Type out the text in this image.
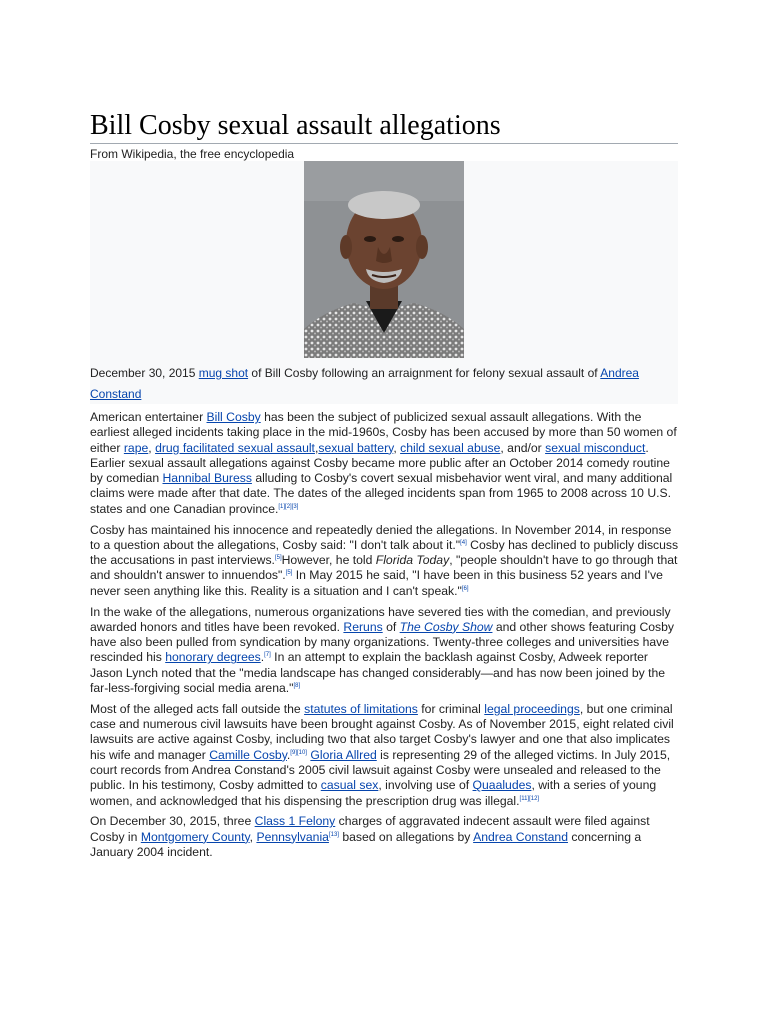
Bill Cosby sexual assault allegations

From Wikipedia, the free encyclopedia

December 30, 2015 mug shot of Bill Cosby following an arraignment for felony sexual assault of Andrea Constand

American entertainer Bill Cosby has been the subject of publicized sexual assault allegations. With the earliest alleged incidents taking place in the mid-1960s, Cosby has been accused by more than 50 women of either rape, drug facilitated sexual assault,sexual battery, child sexual abuse, and/or sexual misconduct. Earlier sexual assault allegations against Cosby became more public after an October 2014 comedy routine by comedian Hannibal Buress alluding to Cosby's covert sexual misbehavior went viral, and many additional claims were made after that date. The dates of the alleged incidents span from 1965 to 2008 across 10 U.S. states and one Canadian province.[1][2][3]

Cosby has maintained his innocence and repeatedly denied the allegations. In November 2014, in response to a question about the allegations, Cosby said: "I don't talk about it."[4] Cosby has declined to publicly discuss the accusations in past interviews.[5]However, he told Florida Today, "people shouldn't have to go through that and shouldn't answer to innuendos".[5] In May 2015 he said, "I have been in this business 52 years and I've never seen anything like this. Reality is a situation and I can't speak."[6]

In the wake of the allegations, numerous organizations have severed ties with the comedian, and previously awarded honors and titles have been revoked. Reruns of The Cosby Show and other shows featuring Cosby have also been pulled from syndication by many organizations. Twenty-three colleges and universities have rescinded his honorary degrees.[7] In an attempt to explain the backlash against Cosby, Adweek reporter Jason Lynch noted that the "media landscape has changed considerably—and has now been joined by the far-less-forgiving social media arena."[8]

Most of the alleged acts fall outside the statutes of limitations for criminal legal proceedings, but one criminal case and numerous civil lawsuits have been brought against Cosby. As of November 2015, eight related civil lawsuits are active against Cosby, including two that also target Cosby's lawyer and one that also implicates his wife and manager Camille Cosby.[9][10] Gloria Allred is representing 29 of the alleged victims. In July 2015, court records from Andrea Constand's 2005 civil lawsuit against Cosby were unsealed and released to the public. In his testimony, Cosby admitted to casual sex, involving use of Quaaludes, with a series of young women, and acknowledged that his dispensing the prescription drug was illegal.[11][12]

On December 30, 2015, three Class 1 Felony charges of aggravated indecent assault were filed against Cosby in Montgomery County, Pennsylvania[13] based on allegations by Andrea Constand concerning a January 2004 incident.
